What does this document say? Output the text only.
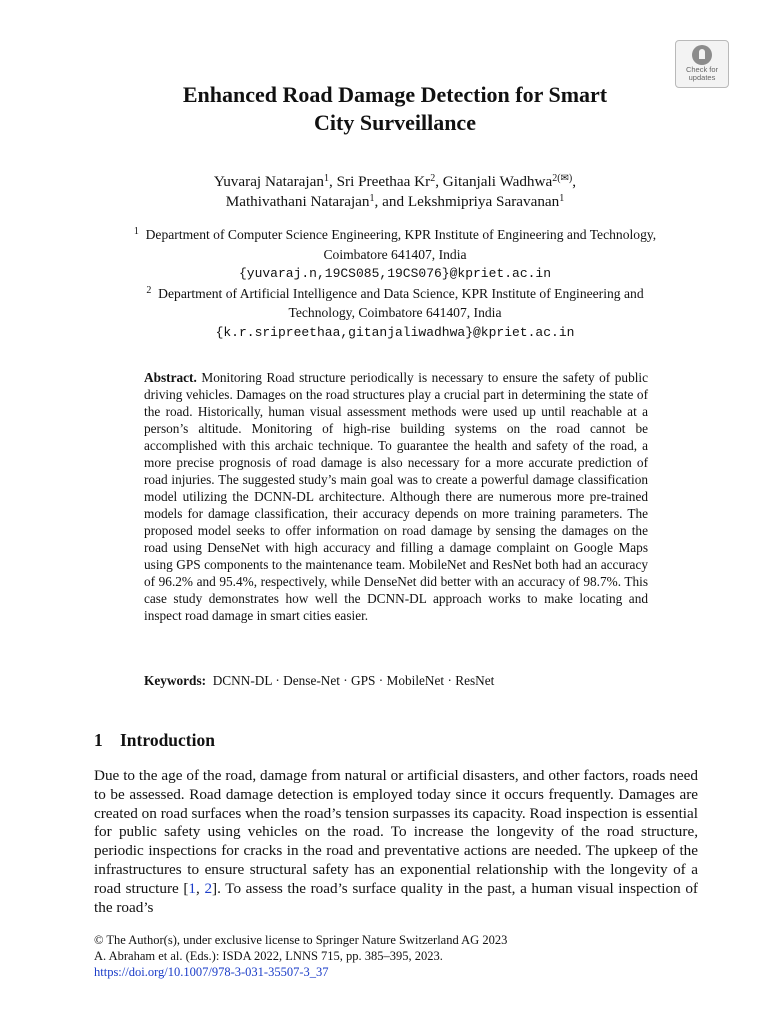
Check for
updates
Enhanced Road Damage Detection for Smart
City Surveillance
Yuvaraj Natarajan$^1$, Sri Preethaa Kr$^2$, Gitanjali Wadhwa$^{2(✉)}$,
Mathivathani Natarajan$^1$, and Lekshmipriya Saravanan$^1$
$^1$ Department of Computer Science Engineering, KPR Institute of Engineering and Technology,
Coimbatore 641407, India
{yuvaraj.n,19CS085,19CS076}@kpriet.ac.in
$^2$ Department of Artificial Intelligence and Data Science, KPR Institute of Engineering and
Technology, Coimbatore 641407, India
{k.r.sripreethaa,gitanjaliwadhwa}@kpriet.ac.in
Abstract. Monitoring Road structure periodically is necessary to ensure the safety of public driving vehicles. Damages on the road structures play a crucial part in determining the state of the road. Historically, human visual assessment methods were used up until reachable at a person’s altitude. Monitoring of high-rise building systems on the road cannot be accomplished with this archaic technique. To guarantee the health and safety of the road, a more precise prognosis of road damage is also necessary for a more accurate prediction of road injuries. The suggested study’s main goal was to create a powerful damage classification model utilizing the DCNN-DL architecture. Although there are numerous more pre-trained models for damage classification, their accuracy depends on more training parameters. The proposed model seeks to offer information on road damage by sensing the damages on the road using DenseNet with high accuracy and filling a damage complaint on Google Maps using GPS components to the maintenance team. MobileNet and ResNet both had an accuracy of 96.2% and 95.4%, respectively, while DenseNet did better with an accuracy of 98.7%. This case study demonstrates how well the DCNN-DL approach works to make locating and inspect road damage in smart cities easier.
Keywords: DCNN-DL · Dense-Net · GPS · MobileNet · ResNet
1 Introduction
Due to the age of the road, damage from natural or artificial disasters, and other factors, roads need to be assessed. Road damage detection is employed today since it occurs frequently. Damages are created on road surfaces when the road’s tension surpasses its capacity. Road inspection is essential for public safety using vehicles on the road. To increase the longevity of the road structure, periodic inspections for cracks in the road and preventative actions are needed. The upkeep of the infrastructures to ensure structural safety has an exponential relationship with the longevity of a road structure [1, 2]. To assess the road’s surface quality in the past, a human visual inspection of the road’s
© The Author(s), under exclusive license to Springer Nature Switzerland AG 2023
A. Abraham et al. (Eds.): ISDA 2022, LNNS 715, pp. 385–395, 2023.
https://doi.org/10.1007/978-3-031-35507-3_37
